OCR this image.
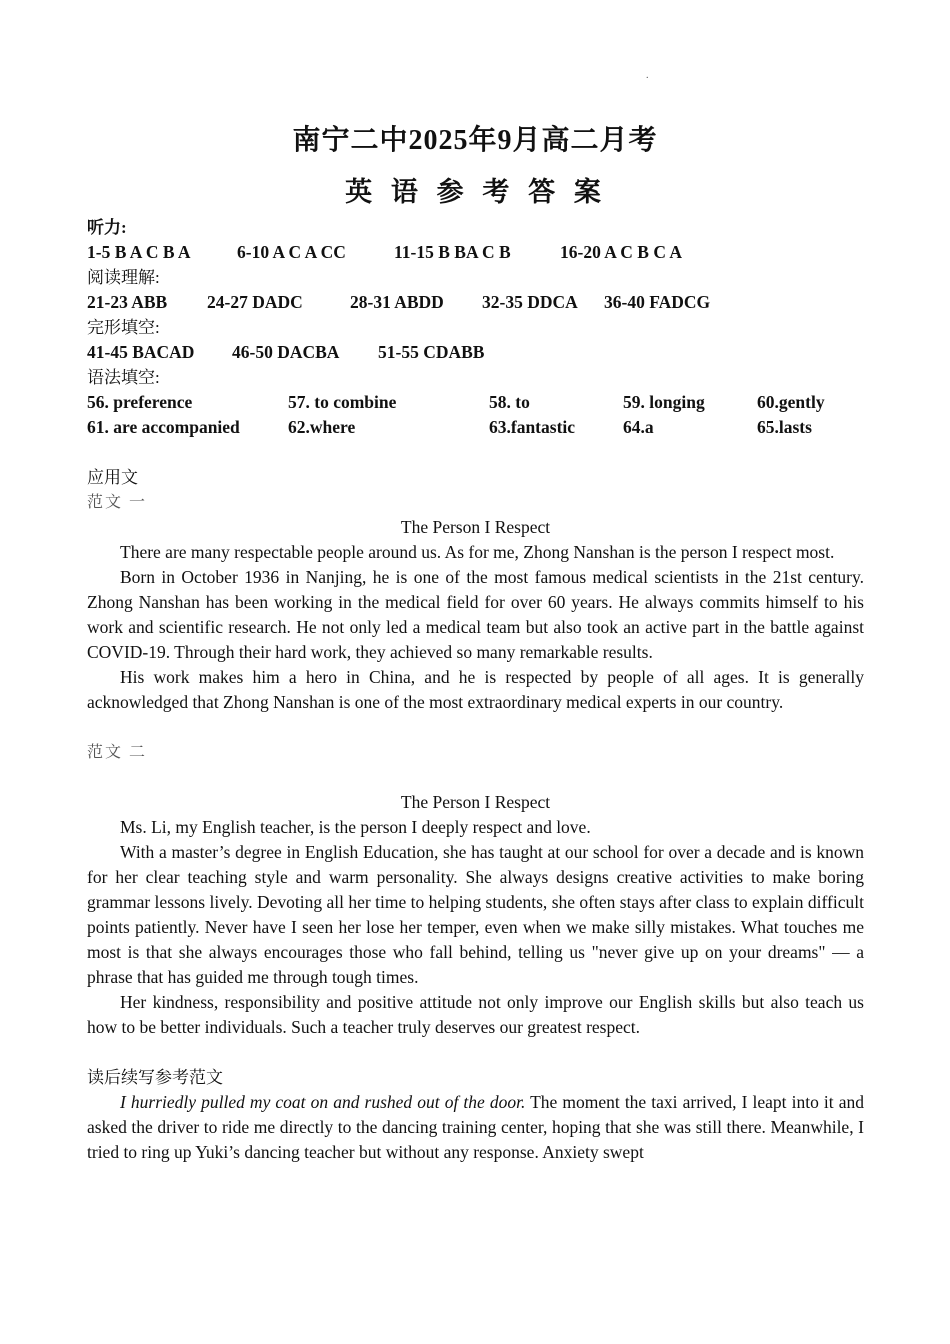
.
南宁二中2025年9月高二月考
英 语 参 考 答 案
听力:
1-5 B A C B A	6-10 A C A CC	11-15 B BA C B	16-20 A C B C A
阅读理解:
21-23 ABB	24-27 DADC	28-31 ABDD	32-35 DDCA	36-40 FADCG
完形填空:
41-45 BACAD	46-50 DACBA	51-55 CDABB
语法填空:
56. preference	57. to combine	58. to	59. longing	60.gently
61. are accompanied	62.where	63.fantastic	64.a	65.lasts
应用文
范文 一
The Person I Respect

There are many respectable people around us. As for me, Zhong Nanshan is the person I respect most.

Born in October 1936 in Nanjing, he is one of the most famous medical scientists in the 21st century. Zhong Nanshan has been working in the medical field for over 60 years. He always commits himself to his work and scientific research. He not only led a medical team but also took an active part in the battle against COVID-19. Through their hard work, they achieved so many remarkable results.

His work makes him a hero in China, and he is respected by people of all ages. It is generally acknowledged that Zhong Nanshan is one of the most extraordinary medical experts in our country.

范文 二
The Person I Respect

Ms. Li, my English teacher, is the person I deeply respect and love.

With a master’s degree in English Education, she has taught at our school for over a decade and is known for her clear teaching style and warm personality. She always designs creative activities to make boring grammar lessons lively. Devoting all her time to helping students, she often stays after class to explain difficult points patiently. Never have I seen her lose her temper, even when we make silly mistakes. What touches me most is that she always encourages those who fall behind, telling us "never give up on your dreams" — a phrase that has guided me through tough times.

Her kindness, responsibility and positive attitude not only improve our English skills but also teach us how to be better individuals. Such a teacher truly deserves our greatest respect.

读后续写参考范文

I hurriedly pulled my coat on and rushed out of the door. The moment the taxi arrived, I leapt into it and asked the driver to ride me directly to the dancing training center, hoping that she was still there. Meanwhile, I tried to ring up Yuki’s dancing teacher but without any response. Anxiety swept
